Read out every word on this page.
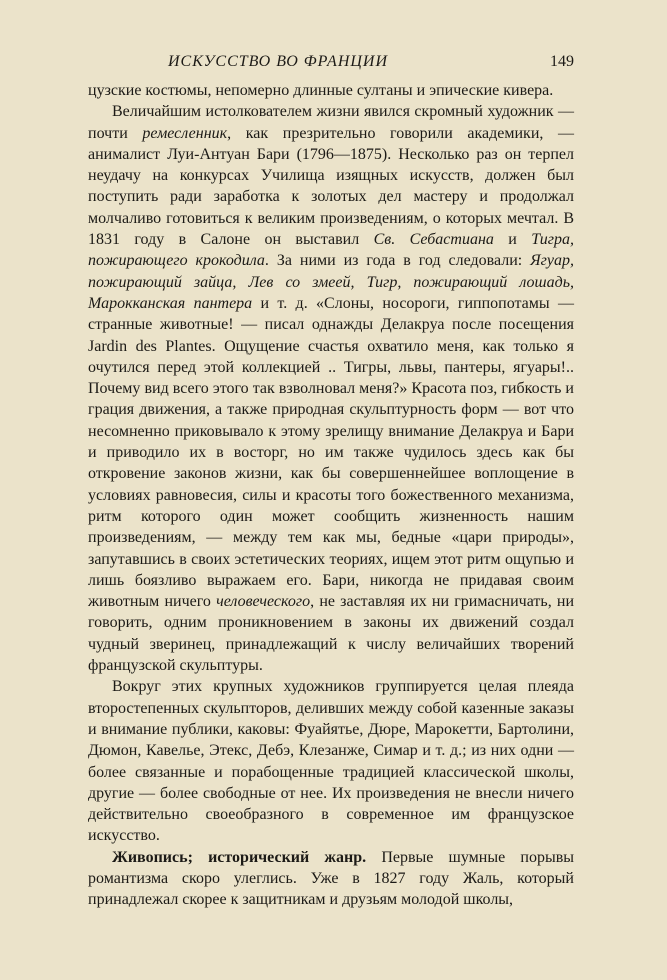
ИСКУССТВО ВО ФРАНЦИИ	149

цузские костюмы, непомерно длинные султаны и эпические кивера.

Величайшим истолкователем жизни явился скромный художник — почти ремесленник, как презрительно говорили академики, — анималист Луи-Антуан Бари (1796—1875). Несколько раз он терпел неудачу на конкурсах Училища изящных искусств, должен был поступить ради заработка к золотых дел мастеру и продолжал молчаливо готовиться к великим произведениям, о которых мечтал. В 1831 году в Салоне он выставил Св. Себастиана и Тигра, пожирающего крокодила. За ними из года в год следовали: Ягуар, пожирающий зайца, Лев со змеей, Тигр, пожирающий лошадь, Марокканская пантера и т. д. «Слоны, носороги, гиппопотамы — странные животные! — писал однажды Делакруа после посещения Jardin des Plantes. Ощущение счастья охватило меня, как только я очутился перед этой коллекцией .. Тигры, львы, пантеры, ягуары!.. Почему вид всего этого так взволновал меня?» Красота поз, гибкость и грация движения, а также природная скульптурность форм — вот что несомненно приковывало к этому зрелищу внимание Делакруа и Бари и приводило их в восторг, но им также чудилось здесь как бы откровение законов жизни, как бы совершеннейшее воплощение в условиях равновесия, силы и красоты того божественного механизма, ритм которого один может сообщить жизненность нашим произведениям, — между тем как мы, бедные «цари природы», запутавшись в своих эстетических теориях, ищем этот ритм ощупью и лишь боязливо выражаем его. Бари, никогда не придавая своим животным ничего человеческого, не заставляя их ни гримасничать, ни говорить, одним проникновением в законы их движений создал чудный зверинец, принадлежащий к числу величайших творений французской скульптуры.

Вокруг этих крупных художников группируется целая плеяда второстепенных скульпторов, деливших между собой казенные заказы и внимание публики, каковы: Фуайятье, Дюре, Марокетти, Бартолини, Дюмон, Кавелье, Этекс, Дебэ, Клезанже, Симар и т. д.; из них одни — более связанные и порабощенные традицией классической школы, другие — более свободные от нее. Их произведения не внесли ничего действительно своеобразного в современное им французское искусство.

Живопись; исторический жанр. Первые шумные порывы романтизма скоро улеглись. Уже в 1827 году Жаль, который принадлежал скорее к защитникам и друзьям молодой школы,
